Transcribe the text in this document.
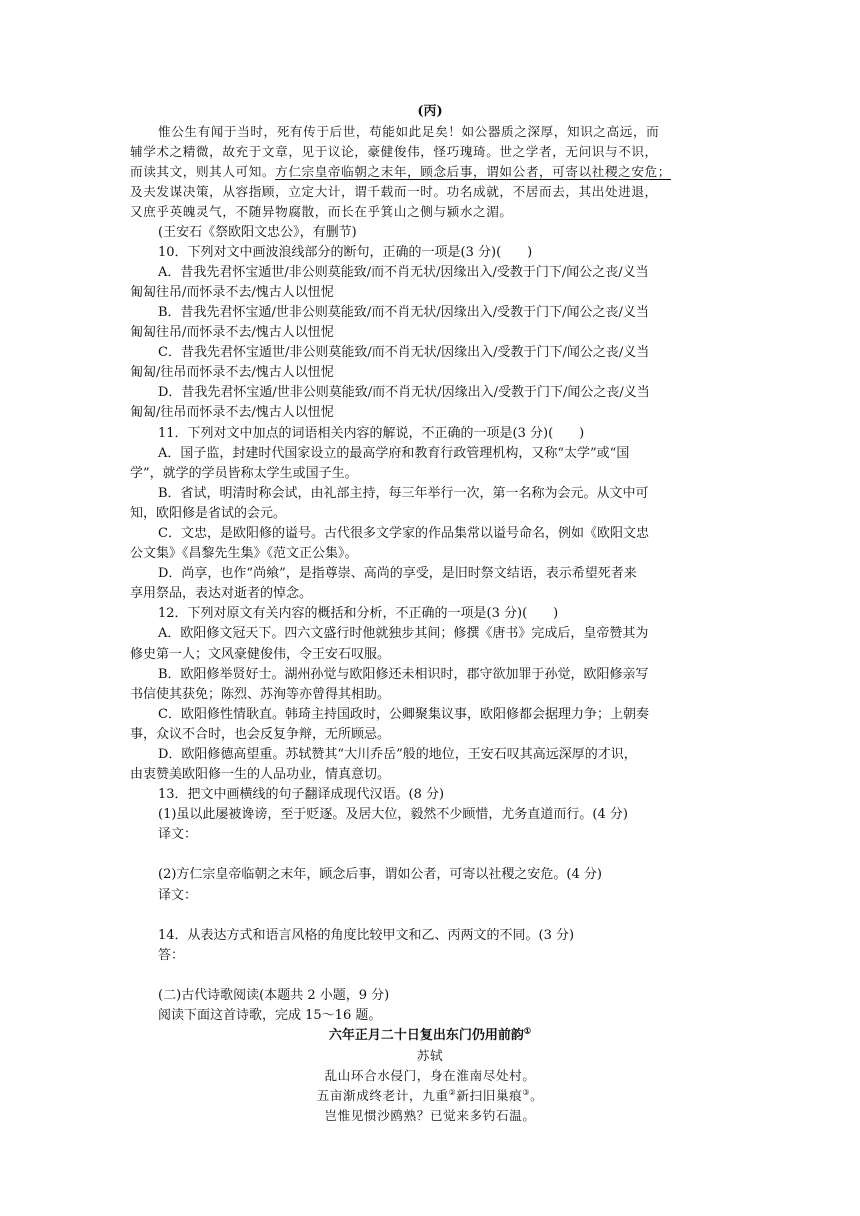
(丙)
惟公生有闻于当时，死有传于后世，苟能如此足矣！如公器质之深厚，知识之高远，而
辅学术之精微，故充于文章，见于议论，豪健俊伟，怪巧瑰琦。世之学者，无问识与不识，
而读其文，则其人可知。方仁宗皇帝临朝之末年，顾念后事，谓如公者，可寄以社稷之安危；
及夫发谋决策，从容指顾，立定大计，谓千载而一时。功名成就，不居而去，其出处进退，
又庶乎英魄灵气，不随异物腐散，而长在乎箕山之侧与颍水之湄。
(王安石《祭欧阳文忠公》，有删节)
10．下列对文中画波浪线部分的断句，正确的一项是(3 分)(　　)
A．昔我先君怀宝遁世/非公则莫能致/而不肖无状/因缘出入/受教于门下/闻公之丧/义当
匍匐往吊/而怀录不去/愧古人以忸怩
B．昔我先君怀宝遁/世非公则莫能致/而不肖无状/因缘出入/受教于门下/闻公之丧/义当
匍匐往吊/而怀录不去/愧古人以忸怩
C．昔我先君怀宝遁世/非公则莫能致/而不肖无状/因缘出入/受教于门下/闻公之丧/义当
匍匐/往吊而怀录不去/愧古人以忸怩
D．昔我先君怀宝遁/世非公则莫能致/而不肖无状/因缘出入/受教于门下/闻公之丧/义当
匍匐/往吊而怀录不去/愧古人以忸怩
11．下列对文中加点的词语相关内容的解说，不正确的一项是(3 分)(　　)
A．国子监，封建时代国家设立的最高学府和教育行政管理机构，又称“太学”或“国
学”，就学的学员皆称太学生或国子生。
B．省试，明清时称会试，由礼部主持，每三年举行一次，第一名称为会元。从文中可
知，欧阳修是省试的会元。
C．文忠，是欧阳修的谥号。古代很多文学家的作品集常以谥号命名，例如《欧阳文忠
公文集》《昌黎先生集》《范文正公集》。
D．尚享，也作“尚飨”，是指尊崇、高尚的享受，是旧时祭文结语，表示希望死者来
享用祭品，表达对逝者的悼念。
12．下列对原文有关内容的概括和分析，不正确的一项是(3 分)(　　)
A．欧阳修文冠天下。四六文盛行时他就独步其间；修撰《唐书》完成后，皇帝赞其为
修史第一人；文风豪健俊伟，令王安石叹服。
B．欧阳修举贤好士。湖州孙觉与欧阳修还未相识时，郡守欲加罪于孙觉，欧阳修亲写
书信使其获免；陈烈、苏洵等亦曾得其相助。
C．欧阳修性情耿直。韩琦主持国政时，公卿聚集议事，欧阳修都会据理力争；上朝奏
事，众议不合时，也会反复争辩，无所顾忌。
D．欧阳修德高望重。苏轼赞其“大川乔岳”般的地位，王安石叹其高远深厚的才识，
由衷赞美欧阳修一生的人品功业，情真意切。
13．把文中画横线的句子翻译成现代汉语。(8 分)
(1)虽以此屡被谗谤，至于贬逐。及居大位，毅然不少顾惜，尤务直道而行。(4 分)
译文：
(2)方仁宗皇帝临朝之末年，顾念后事，谓如公者，可寄以社稷之安危。(4 分)
译文：
14．从表达方式和语言风格的角度比较甲文和乙、丙两文的不同。(3 分)
答：
(二)古代诗歌阅读(本题共 2 小题，9 分)
阅读下面这首诗歌，完成 15～16 题。
六年正月二十日复出东门仍用前韵①
苏轼
乱山环合水侵门，身在淮南尽处村。
五亩渐成终老计，九重②新扫旧巢痕③。
岂惟见惯沙鸥熟？已觉来多钓石温。
